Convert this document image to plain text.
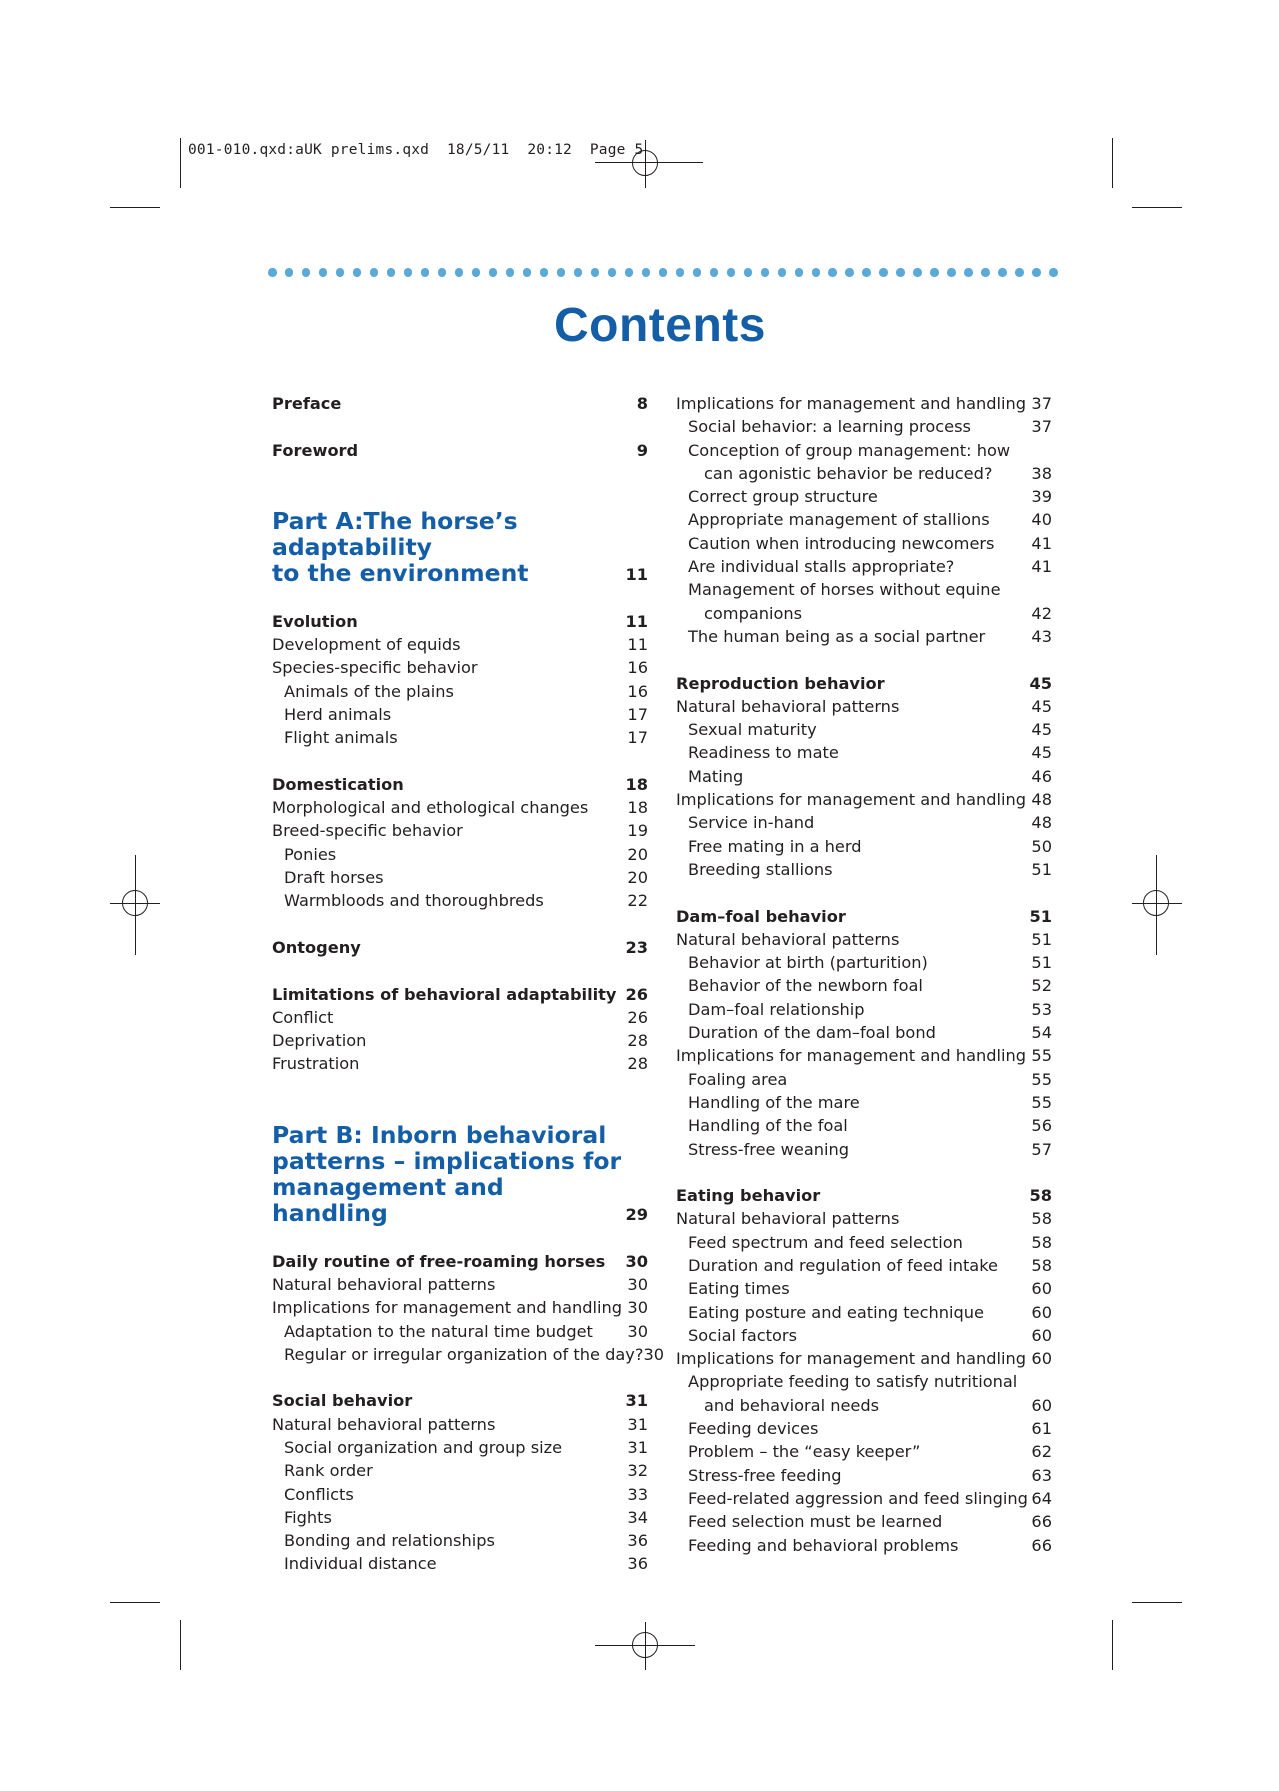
001-010.qxd:aUK prelims.qxd  18/5/11  20:12  Page 5
Contents
Preface	8
Foreword	9
Part A:The horse’s adaptability
to the environment	11
Evolution	11
Development of equids	11
Species-specific behavior	16
Animals of the plains	16
Herd animals	17
Flight animals	17
Domestication	18
Morphological and ethological changes 18
Breed-specific behavior	19
Ponies	20
Draft horses	20
Warmbloods and thoroughbreds	22
Ontogeny	23
Limitations of behavioral adaptability 26
Conflict	26
Deprivation	28
Frustration	28
Part B: Inborn behavioral
patterns – implications for
management and handling	29
Daily routine of free-roaming horses 30
Natural behavioral patterns	30
Implications for management and handling 30
Adaptation to the natural time budget 30
Regular or irregular organization of the day? 30
Social behavior	31
Natural behavioral patterns	31
Social organization and group size	31
Rank order	32
Conflicts	33
Fights	34
Bonding and relationships	36
Individual distance	36
Implications for management and handling 37
Social behavior: a learning process	37
Conception of group management: how
can agonistic behavior be reduced? 38
Correct group structure	39
Appropriate management of stallions	40
Caution when introducing newcomers 41
Are individual stalls appropriate?	41
Management of horses without equine
companions	42
The human being as a social partner	43
Reproduction behavior	45
Natural behavioral patterns	45
Sexual maturity	45
Readiness to mate	45
Mating	46
Implications for management and handling 48
Service in-hand	48
Free mating in a herd	50
Breeding stallions	51
Dam–foal behavior	51
Natural behavioral patterns	51
Behavior at birth (parturition)	51
Behavior of the newborn foal	52
Dam–foal relationship	53
Duration of the dam–foal bond	54
Implications for management and handling 55
Foaling area	55
Handling of the mare	55
Handling of the foal	56
Stress-free weaning	57
Eating behavior	58
Natural behavioral patterns	58
Feed spectrum and feed selection	58
Duration and regulation of feed intake 58
Eating times	60
Eating posture and eating technique	60
Social factors	60
Implications for management and handling 60
Appropriate feeding to satisfy nutritional
and behavioral needs	60
Feeding devices	61
Problem – the “easy keeper”	62
Stress-free feeding	63
Feed-related aggression and feed slinging 64
Feed selection must be learned	66
Feeding and behavioral problems	66
